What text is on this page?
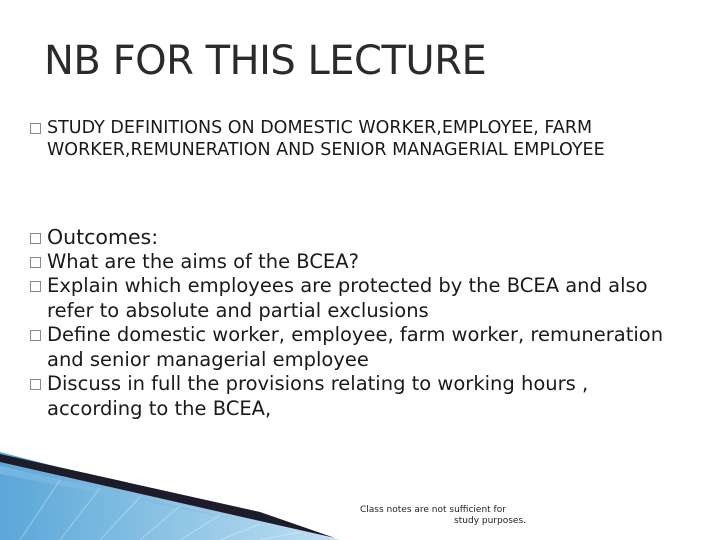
NB FOR THIS LECTURE
STUDY DEFINITIONS ON DOMESTIC WORKER,EMPLOYEE, FARM WORKER,REMUNERATION AND SENIOR MANAGERIAL EMPLOYEE
Outcomes:
What are the aims of the BCEA?
Explain which employees are protected by the BCEA and also refer to absolute and partial exclusions
Define domestic worker, employee, farm worker, remuneration and senior managerial employee
Discuss in full the provisions relating to working hours , according to the BCEA,
Class notes are not sufficient for
study purposes.
